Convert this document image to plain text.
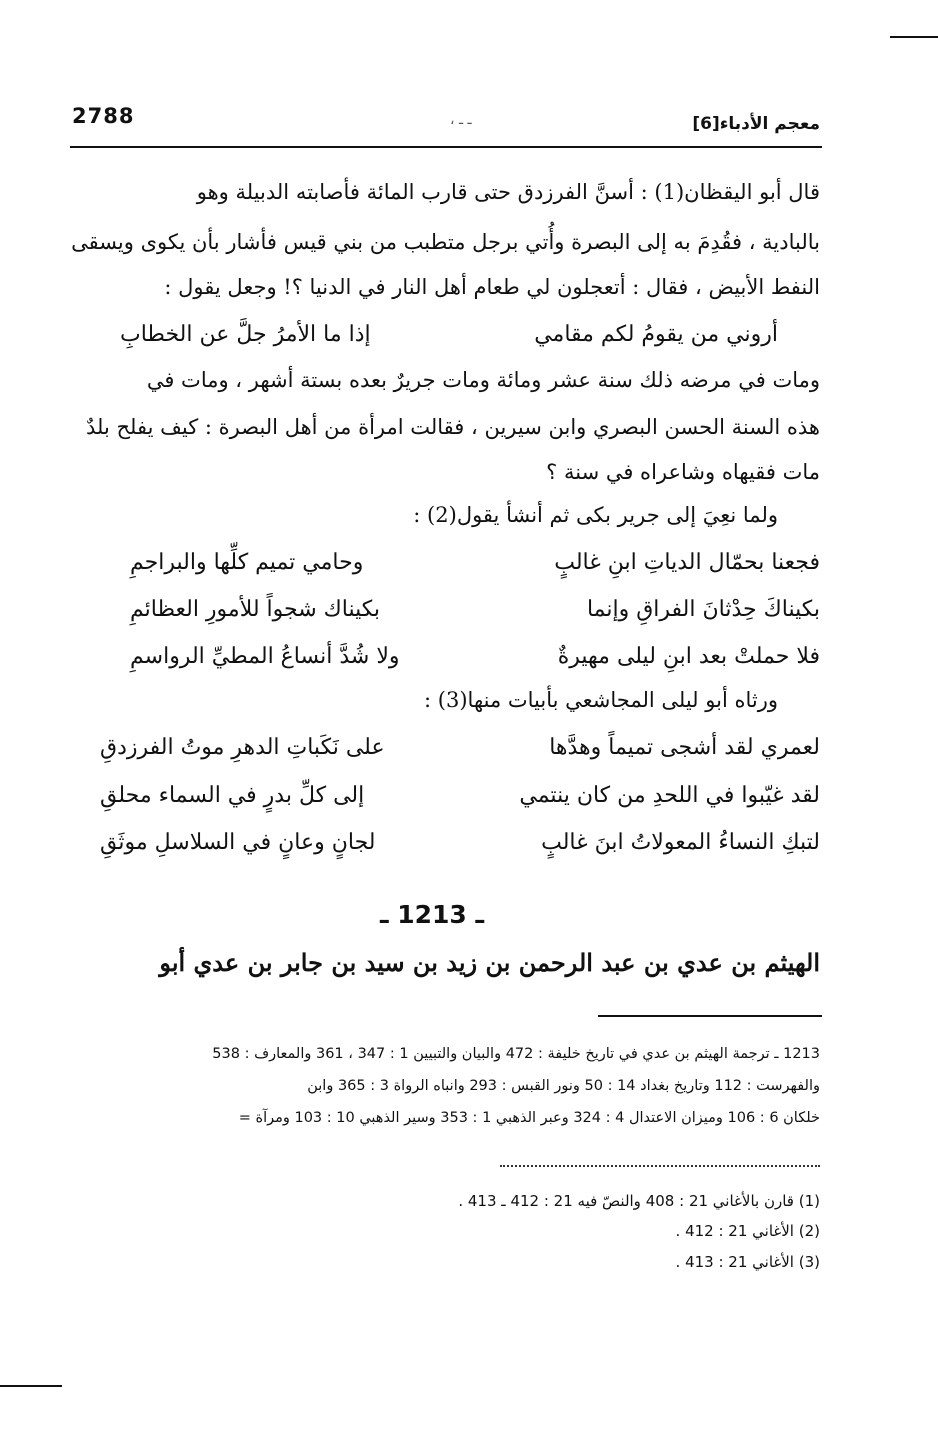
2788	، ـ ـ	معجم الأدباء[6]
قال أبو اليقظان(1) : أسنَّ الفرزدق حتى قارب المائة فأصابته الدبيلة وهو
بالبادية ، فقُدِمَ به إلى البصرة وأُتي برجل متطبب من بني قيس فأشار بأن يكوى ويسقى
النفط الأبيض ، فقال : أتعجلون لي طعام أهل النار في الدنيا ؟! وجعل يقول :
أروني من يقومُ لكم مقامي
إذا ما الأمرُ جلَّ عن الخطابِ
ومات في مرضه ذلك سنة عشر ومائة ومات جريرٌ بعده بستة أشهر ، ومات في
هذه السنة الحسن البصري وابن سيرين ، فقالت امرأة من أهل البصرة : كيف يفلح بلدٌ
مات فقيهاه وشاعراه في سنة ؟
ولما نعِيَ إلى جرير بكى ثم أنشأ يقول(2) :
فجعنا بحمّال الدياتِ ابنِ غالبٍ
وحامي تميم كلِّها والبراجمِ
بكيناكَ حِدْثانَ الفراقِ وإنما
بكيناك شجواً للأمورِ العظائمِ
فلا حملتْ بعد ابنِ ليلى مهيرةٌ
ولا شُدَّ أنساعُ المطيِّ الرواسمِ
ورثاه أبو ليلى المجاشعي بأبيات منها(3) :
لعمري لقد أشجى تميماً وهدَّها
على نَكَباتِ الدهرِ موتُ الفرزدقِ
لقد غيّبوا في اللحدِ من كان ينتمي
إلى كلِّ بدرٍ في السماء محلقِ
لتبكِ النساءُ المعولاتُ ابنَ غالبٍ
لجانٍ وعانٍ في السلاسلِ موثَقِ
ـ 1213 ـ
الهيثم بن عدي بن عبد الرحمن بن زيد بن سيد بن جابر بن عدي أبو
1213 ـ ترجمة الهيثم بن عدي في تاريخ خليفة : 472 والبيان والتبيين 1 : 347 ، 361 والمعارف : 538
والفهرست : 112 وتاريخ بغداد 14 : 50 ونور القبس : 293 وانباه الرواة 3 : 365 وابن
خلكان 6 : 106 وميزان الاعتدال 4 : 324 وعبر الذهبي 1 : 353 وسير الذهبي 10 : 103 ومرآة =
(1) قارن بالأغاني 21 : 408 والنصّ فيه 21 : 412 ـ 413 .
(2) الأغاني 21 : 412 .
(3) الأغاني 21 : 413 .
